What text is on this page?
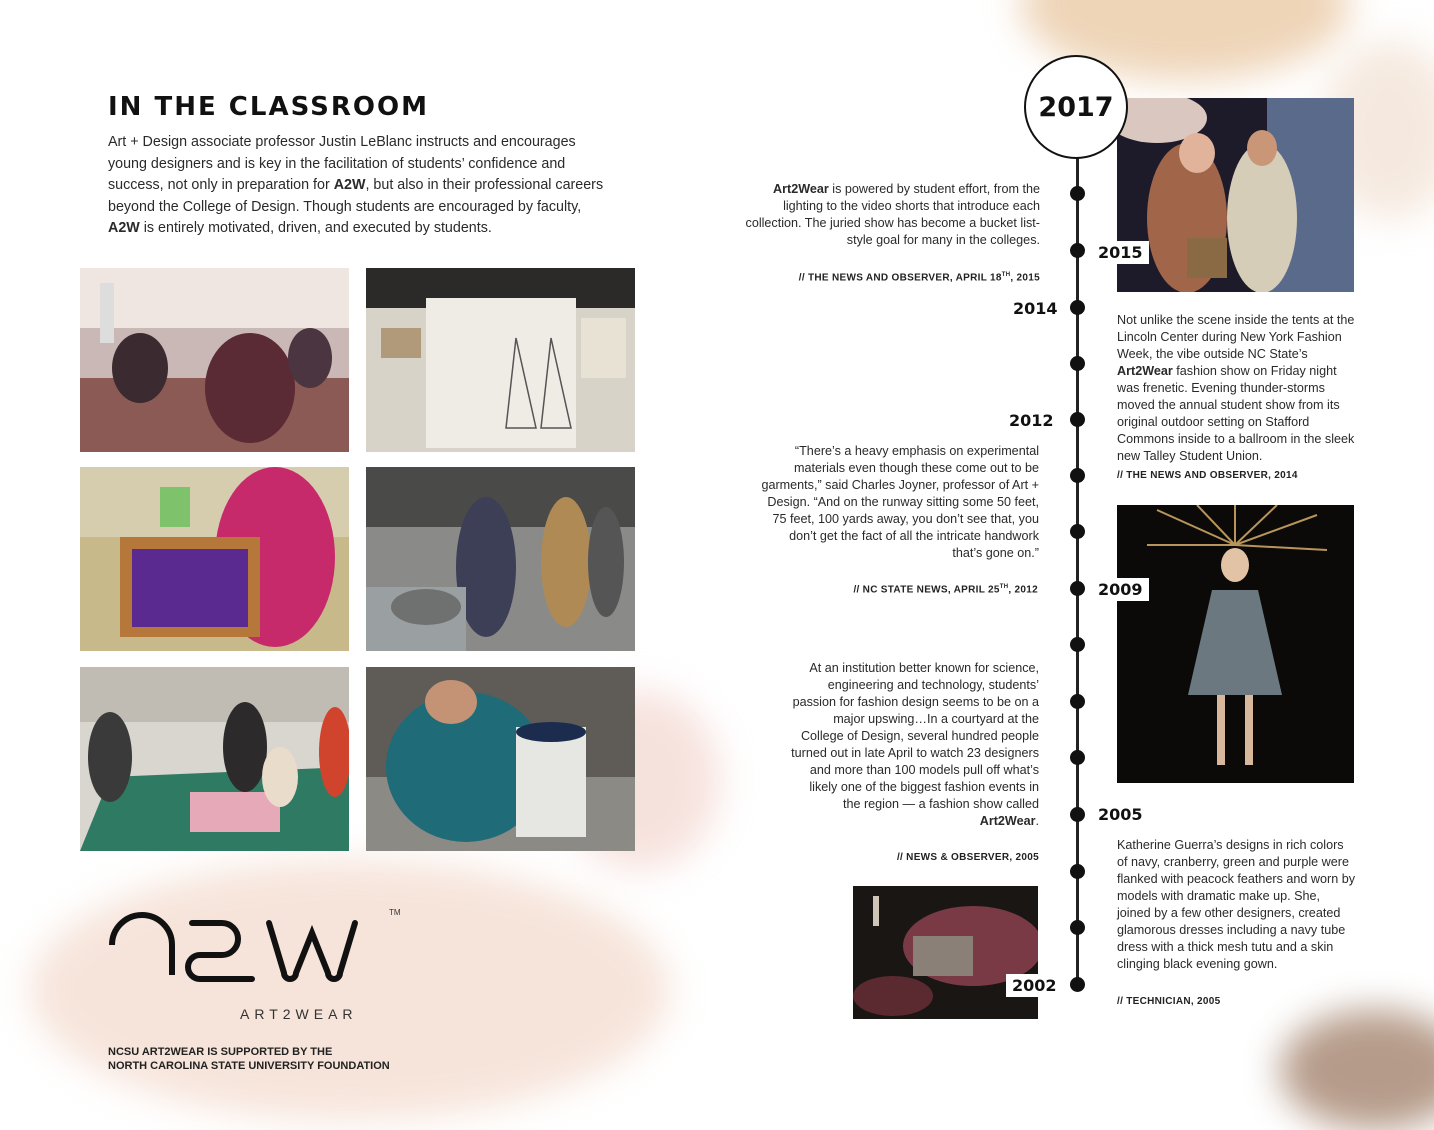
IN THE CLASSROOM
Art + Design associate professor Justin LeBlanc instructs and encourages young designers and is key in the facilitation of students’ confidence and success, not only in preparation for A2W, but also in their professional careers beyond the College of Design. Though students are encouraged by faculty, A2W is entirely motivated, driven, and executed by students.
TM
ART2WEAR
NCSU ART2WEAR IS SUPPORTED BY THE
NORTH CAROLINA STATE UNIVERSITY FOUNDATION
2017
2015
2014
2012
2009
2005
2002
Art2Wear is powered by student effort, from the lighting to the video shorts that introduce each collection. The juried show has become a bucket list-style goal for many in the colleges.
// THE NEWS AND OBSERVER, APRIL 18TH, 2015
Not unlike the scene inside the tents at the Lincoln Center during New York Fashion Week, the vibe outside NC State’s Art2Wear fashion show on Friday night was frenetic. Evening thunder-storms moved the annual student show from its original outdoor setting on Stafford Commons inside to a ballroom in the sleek new Talley Student Union.
// THE NEWS AND OBSERVER, 2014
“There’s a heavy emphasis on experimental materials even though these come out to be garments,” said Charles Joyner, professor of Art + Design. “And on the runway sitting some 50 feet, 75 feet, 100 yards away, you don’t see that, you don’t get the fact of all the intricate handwork that’s gone on.”
// NC STATE NEWS, APRIL 25TH, 2012
At an institution better known for science, engineering and technology, students’ passion for fashion design seems to be on a major upswing…In a courtyard at the College of Design, several hundred people turned out in late April to watch 23 designers and more than 100 models pull off what’s likely one of the biggest fashion events in the region — a fashion show called Art2Wear.
// NEWS & OBSERVER, 2005
Katherine Guerra’s designs in rich colors of navy, cranberry, green and purple were flanked with peacock feathers and worn by models with dramatic make up. She, joined by a few other designers, created glamorous dresses including a navy tube dress with a thick mesh tutu and a skin clinging black evening gown.
// TECHNICIAN, 2005
